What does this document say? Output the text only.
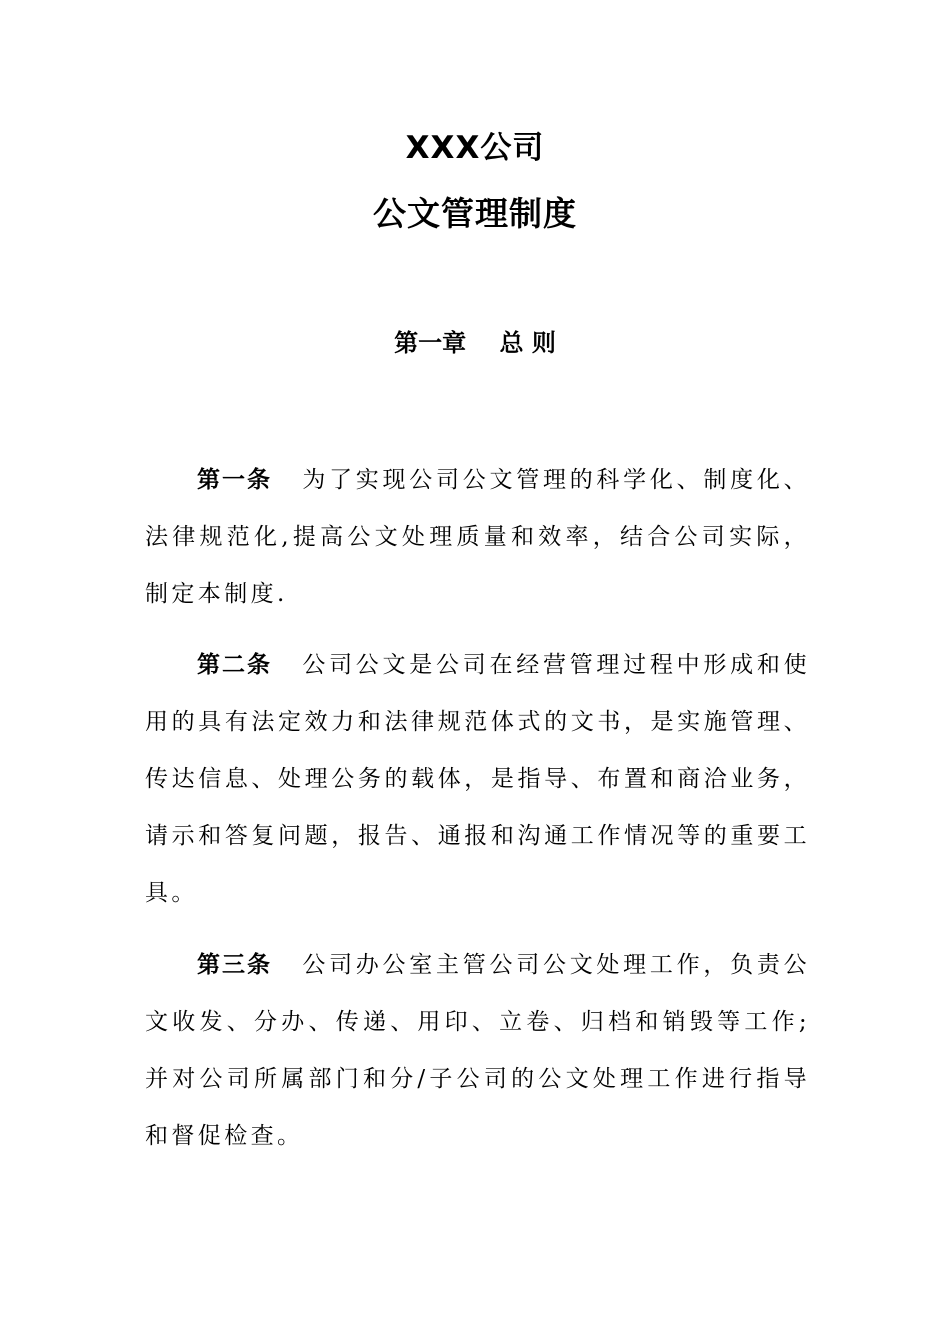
XXX公司
公文管理制度
第一章    总 则
第一条 为了实现公司公文管理的科学化、制度化、法律规范化,提高公文处理质量和效率，结合公司实际，制定本制度.
第二条 公司公文是公司在经营管理过程中形成和使用的具有法定效力和法律规范体式的文书，是实施管理、传达信息、处理公务的载体，是指导、布置和商洽业务，请示和答复问题，报告、通报和沟通工作情况等的重要工具。
第三条 公司办公室主管公司公文处理工作，负责公文收发、分办、传递、用印、立卷、归档和销毁等工作;并对公司所属部门和分/子公司的公文处理工作进行指导和督促检查。
